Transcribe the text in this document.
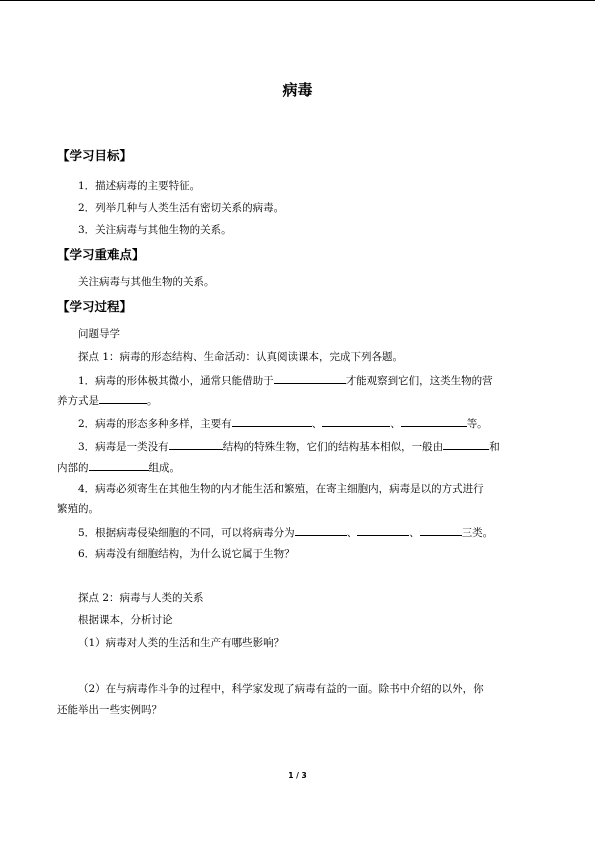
病毒
【学习目标】
1．描述病毒的主要特征。
2．列举几种与人类生活有密切关系的病毒。
3．关注病毒与其他生物的关系。
【学习重难点】
关注病毒与其他生物的关系。
【学习过程】
问题导学
探点 1：病毒的形态结构、生命活动：认真阅读课本，完成下列各题。
1．病毒的形体极其微小，通常只能借助于	才能观察到它们，这类生物的营
养方式是	。
2．病毒的形态多种多样，主要有	、	、	等。
3．病毒是一类没有	结构的特殊生物，它们的结构基本相似，一般由	和
内部的	组成。
4．病毒必须寄生在其他生物的内才能生活和繁殖，在寄主细胞内，病毒是以的方式进行
繁殖的。
5．根据病毒侵染细胞的不同，可以将病毒分为	、	、	三类。
6．病毒没有细胞结构，为什么说它属于生物？
探点 2：病毒与人类的关系
根据课本，分析讨论
（1）病毒对人类的生活和生产有哪些影响？
（2）在与病毒作斗争的过程中，科学家发现了病毒有益的一面。除书中介绍的以外，你
还能举出一些实例吗？
1 / 3
